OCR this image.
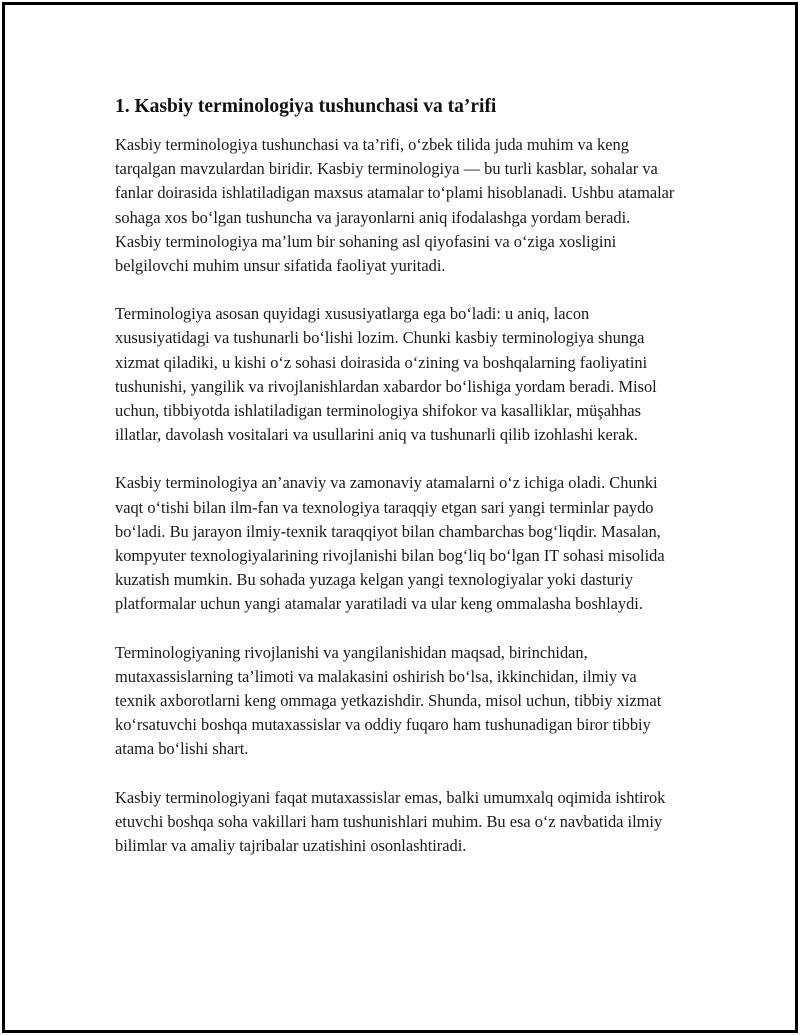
1. Kasbiy terminologiya tushunchasi va ta’rifi

Kasbiy terminologiya tushunchasi va ta’rifi, o‘zbek tilida juda muhim va keng tarqalgan mavzulardan biridir. Kasbiy terminologiya — bu turli kasblar, sohalar va fanlar doirasida ishlatiladigan maxsus atamalar to‘plami hisoblanadi. Ushbu atamalar sohaga xos bo‘lgan tushuncha va jarayonlarni aniq ifodalashga yordam beradi. Kasbiy terminologiya ma’lum bir sohaning asl qiyofasini va o‘ziga xosligini belgilovchi muhim unsur sifatida faoliyat yuritadi.

Terminologiya asosan quyidagi xususiyatlarga ega bo‘ladi: u aniq, lacon xususiyatidagi va tushunarli bo‘lishi lozim. Chunki kasbiy terminologiya shunga xizmat qiladiki, u kishi o‘z sohasi doirasida o‘zining va boshqalarning faoliyatini tushunishi, yangilik va rivojlanishlardan xabardor bo‘lishiga yordam beradi. Misol uchun, tibbiyotda ishlatiladigan terminologiya shifokor va kasalliklar, müşahhas illatlar, davolash vositalari va usullarini aniq va tushunarli qilib izohlashi kerak.

Kasbiy terminologiya an’anaviy va zamonaviy atamalarni o‘z ichiga oladi. Chunki vaqt o‘tishi bilan ilm-fan va texnologiya taraqqiy etgan sari yangi terminlar paydo bo‘ladi. Bu jarayon ilmiy-texnik taraqqiyot bilan chambarchas bog‘liqdir. Masalan, kompyuter texnologiyalarining rivojlanishi bilan bog‘liq bo‘lgan IT sohasi misolida kuzatish mumkin. Bu sohada yuzaga kelgan yangi texnologiyalar yoki dasturiy platformalar uchun yangi atamalar yaratiladi va ular keng ommalasha boshlaydi.

Terminologiyaning rivojlanishi va yangilanishidan maqsad, birinchidan, mutaxassislarning ta’limoti va malakasini oshirish bo‘lsa, ikkinchidan, ilmiy va texnik axborotlarni keng ommaga yetkazishdir. Shunda, misol uchun, tibbiy xizmat ko‘rsatuvchi boshqa mutaxassislar va oddiy fuqaro ham tushunadigan biror tibbiy atama bo‘lishi shart.

Kasbiy terminologiyani faqat mutaxassislar emas, balki umumxalq oqimida ishtirok etuvchi boshqa soha vakillari ham tushunishlari muhim. Bu esa o‘z navbatida ilmiy bilimlar va amaliy tajribalar uzatishini osonlashtiradi.
